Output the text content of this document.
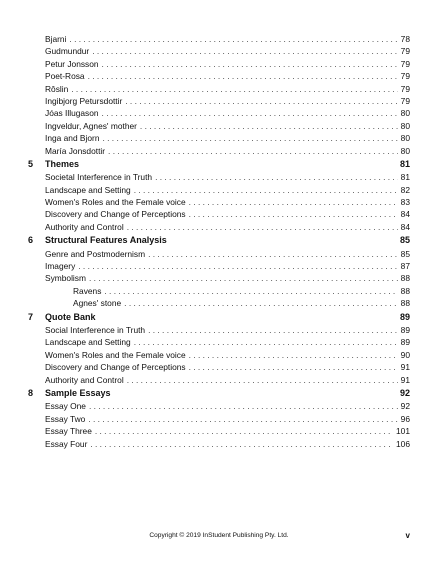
Bjarni . . .	78
Gudmundur . . .	79
Petur Jonsson . . .	79
Poet-Rosa . . .	79
Rôslin . . .	79
Ingibjorg Petursdottir . . .	79
Jóas Illugason . . .	80
Ingveldur, Agnes' mother . . .	80
Inga and Bjorn . . .	80
María Jonsdottir . . .	80
5 Themes	81
Societal Interference in Truth . . .	81
Landscape and Setting . . .	82
Women's Roles and the Female voice . . .	83
Discovery and Change of Perceptions . . .	84
Authority and Control . . .	84
6 Structural Features Analysis	85
Genre and Postmodernism . . .	85
Imagery . . .	87
Symbolism . . .	88
Ravens . . .	88
Agnes' stone . . .	88
7 Quote Bank	89
Social Interference in Truth . . .	89
Landscape and Setting . . .	89
Women's Roles and the Female voice . . .	90
Discovery and Change of Perceptions . . .	91
Authority and Control . . .	91
8 Sample Essays	92
Essay One . . .	92
Essay Two . . .	96
Essay Three . . .	101
Essay Four . . .	106
Copyright © 2019 InStudent Publishing Pty. Ltd.	v
